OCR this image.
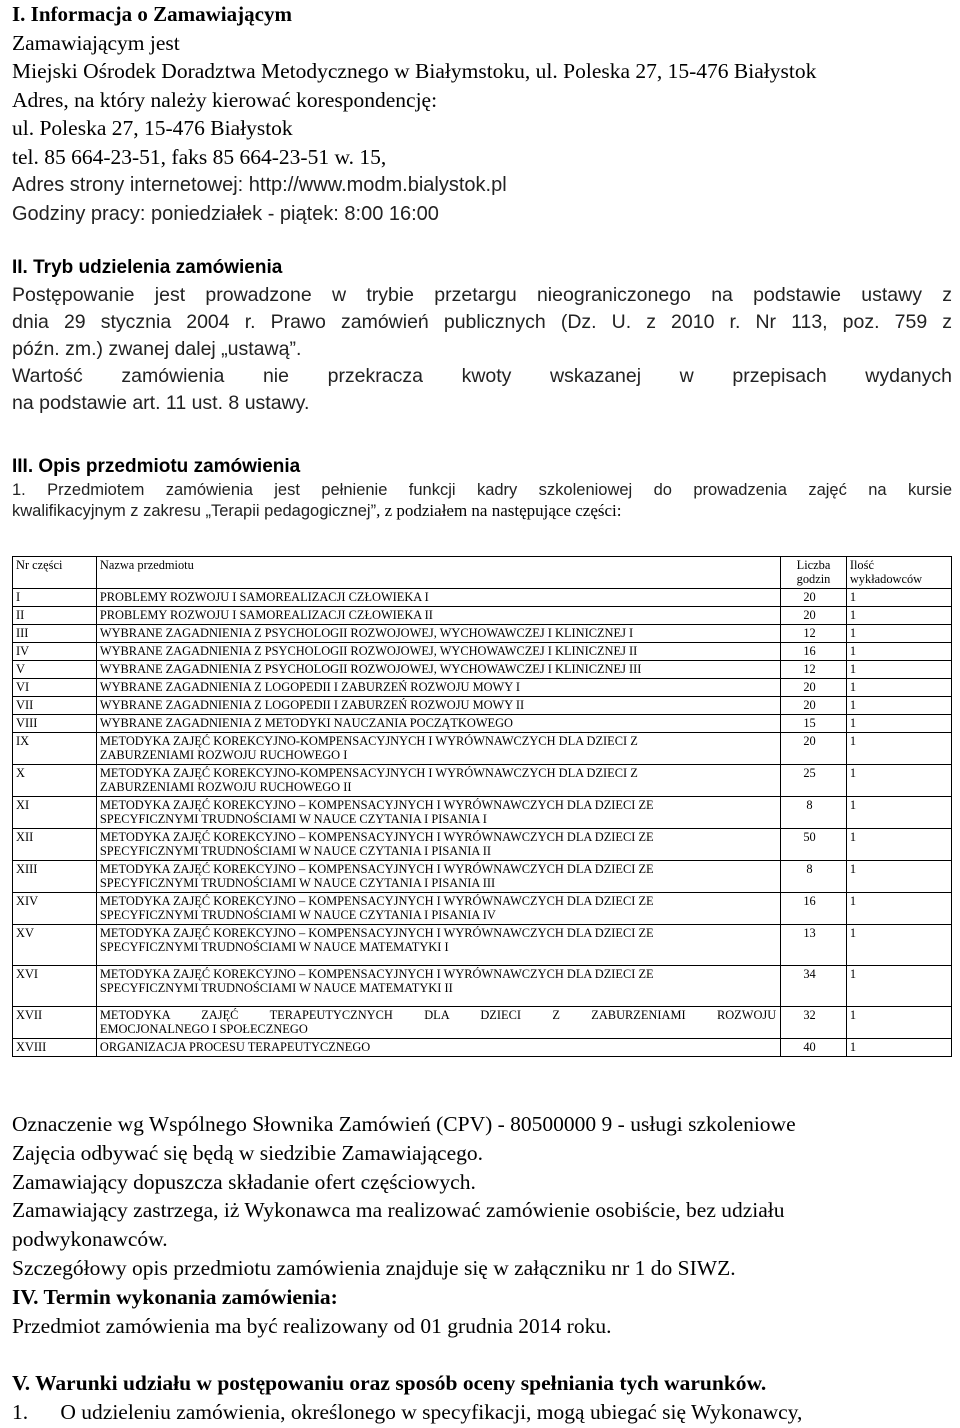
I. Informacja o Zamawiającym

Zamawiającym jest

Miejski Ośrodek Doradztwa Metodycznego w Białymstoku, ul. Poleska 27, 15-476 Białystok

Adres, na który należy kierować korespondencję:

ul. Poleska 27, 15-476 Białystok

tel. 85 664-23-51, faks 85 664-23-51 w. 15,

Adres strony internetowej: http://www.modm.bialystok.pl

Godziny pracy: poniedziałek - piątek: 8:00 16:00

II. Tryb udzielenia zamówienia

Postępowanie jest prowadzone w trybie przetargu nieograniczonego na podstawie ustawy z

dnia 29 stycznia 2004 r. Prawo zamówień publicznych (Dz. U. z 2010 r. Nr 113, poz. 759 z

późn. zm.) zwanej dalej „ustawą”.

Wartość zamówienia nie przekracza kwoty wskazanej w przepisach wydanych

na podstawie art. 11 ust. 8 ustawy.

III. Opis przedmiotu zamówienia

1. Przedmiotem zamówienia jest pełnienie funkcji kadry szkoleniowej do prowadzenia zajęć na kursie

kwalifikacyjnym z zakresu „Terapii pedagogicznej”, z podziałem na następujące części:

Nr części	Nazwa przedmiotu	Liczba godzin	Ilość wykładowców
I	PROBLEMY ROZWOJU I SAMOREALIZACJI CZŁOWIEKA I	20	1
II	PROBLEMY ROZWOJU I SAMOREALIZACJI CZŁOWIEKA II	20	1
III	WYBRANE ZAGADNIENIA Z PSYCHOLOGII ROZWOJOWEJ, WYCHOWAWCZEJ I KLINICZNEJ I	12	1
IV	WYBRANE ZAGADNIENIA Z PSYCHOLOGII ROZWOJOWEJ, WYCHOWAWCZEJ I KLINICZNEJ II	16	1
V	WYBRANE ZAGADNIENIA Z PSYCHOLOGII ROZWOJOWEJ, WYCHOWAWCZEJ I KLINICZNEJ III	12	1
VI	WYBRANE ZAGADNIENIA Z LOGOPEDII I ZABURZEŃ ROZWOJU MOWY I	20	1
VII	WYBRANE ZAGADNIENIA Z LOGOPEDII I ZABURZEŃ ROZWOJU MOWY II	20	1
VIII	WYBRANE ZAGADNIENIA Z METODYKI NAUCZANIA POCZĄTKOWEGO	15	1
IX	METODYKA ZAJĘĆ KOREKCYJNO-KOMPENSACYJNYCH I WYRÓWNAWCZYCH DLA DZIECI Z
ZABURZENIAMI ROZWOJU RUCHOWEGO I	20	1
X	METODYKA ZAJĘĆ KOREKCYJNO-KOMPENSACYJNYCH I WYRÓWNAWCZYCH DLA DZIECI Z
ZABURZENIAMI ROZWOJU RUCHOWEGO II	25	1
XI	METODYKA ZAJĘĆ KOREKCYJNO – KOMPENSACYJNYCH I WYRÓWNAWCZYCH DLA DZIECI ZE
SPECYFICZNYMI TRUDNOŚCIAMI W NAUCE CZYTANIA I PISANIA I	8	1
XII	METODYKA ZAJĘĆ KOREKCYJNO – KOMPENSACYJNYCH I WYRÓWNAWCZYCH DLA DZIECI ZE
SPECYFICZNYMI TRUDNOŚCIAMI W NAUCE CZYTANIA I PISANIA II	50	1
XIII	METODYKA ZAJĘĆ KOREKCYJNO – KOMPENSACYJNYCH I WYRÓWNAWCZYCH DLA DZIECI ZE
SPECYFICZNYMI TRUDNOŚCIAMI W NAUCE CZYTANIA I PISANIA III	8	1
XIV	METODYKA ZAJĘĆ KOREKCYJNO – KOMPENSACYJNYCH I WYRÓWNAWCZYCH DLA DZIECI ZE
SPECYFICZNYMI TRUDNOŚCIAMI W NAUCE CZYTANIA I PISANIA IV	16	1
XV	METODYKA ZAJĘĆ KOREKCYJNO – KOMPENSACYJNYCH I WYRÓWNAWCZYCH DLA DZIECI ZE
SPECYFICZNYMI TRUDNOŚCIAMI W NAUCE MATEMATYKI I	13	1
XVI	METODYKA ZAJĘĆ KOREKCYJNO – KOMPENSACYJNYCH I WYRÓWNAWCZYCH DLA DZIECI ZE
SPECYFICZNYMI TRUDNOŚCIAMI W NAUCE MATEMATYKI II	34	1
XVII	METODYKA ZAJĘĆ TERAPEUTYCZNYCH DLA DZIECI Z ZABURZENIAMI ROZWOJU
EMOCJONALNEGO I SPOŁECZNEGO	32	1
XVIII	ORGANIZACJA PROCESU TERAPEUTYCZNEGO	40	1

Oznaczenie wg Wspólnego Słownika Zamówień (CPV) - 80500000 9 - usługi szkoleniowe

Zajęcia odbywać się będą w siedzibie Zamawiającego.

Zamawiający dopuszcza składanie ofert częściowych.

Zamawiający zastrzega, iż Wykonawca ma realizować zamówienie osobiście, bez udziału

podwykonawców.

Szczegółowy opis przedmiotu zamówienia znajduje się w załączniku nr 1 do SIWZ.

IV. Termin wykonania zamówienia:

Przedmiot zamówienia ma być realizowany od 01 grudnia 2014 roku.

V. Warunki udziału w postępowaniu oraz sposób oceny spełniania tych warunków.

1.      O udzieleniu zamówienia, określonego w specyfikacji, mogą ubiegać się Wykonawcy,
